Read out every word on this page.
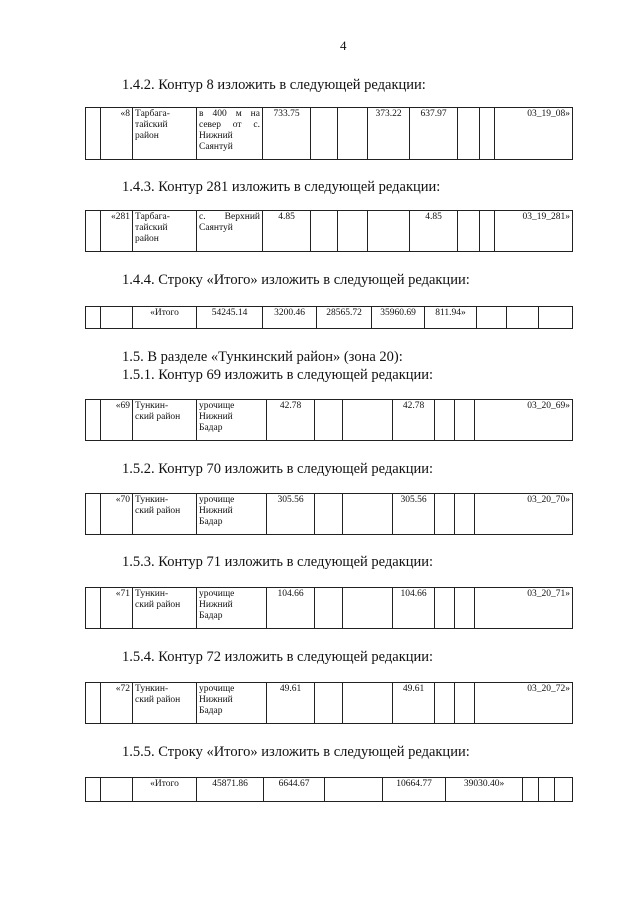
4
1.4.2. Контур 8 изложить в следующей редакции:
	«8	Тарбага-
тайский
район	в 400 м на север от с. Нижний Саянтуй	733.75			373.22	637.97			03_19_08»
1.4.3. Контур 281 изложить в следующей редакции:
	«281	Тарбага-
тайский
район	с. Верхний Саянтуй	4.85				4.85			03_19_281»
1.4.4. Строку «Итого» изложить в следующей редакции:
		«Итого	54245.14	3200.46	28565.72	35960.69	811.94»			
1.5. В разделе «Тункинский район» (зона 20):
1.5.1. Контур 69 изложить в следующей редакции:
	«69	Тункин-
ский район	урочище
Нижний
Бадар	42.78			42.78			03_20_69»
1.5.2. Контур 70 изложить в следующей редакции:
	«70	Тункин-
ский район	урочище
Нижний
Бадар	305.56			305.56			03_20_70»
1.5.3. Контур 71 изложить в следующей редакции:
	«71	Тункин-
ский район	урочище
Нижний
Бадар	104.66			104.66			03_20_71»
1.5.4. Контур 72 изложить в следующей редакции:
	«72	Тункин-
ский район	урочище
Нижний
Бадар	49.61			49.61			03_20_72»
1.5.5. Строку «Итого» изложить в следующей редакции:
		«Итого	45871.86	6644.67		10664.77	39030.40»			
